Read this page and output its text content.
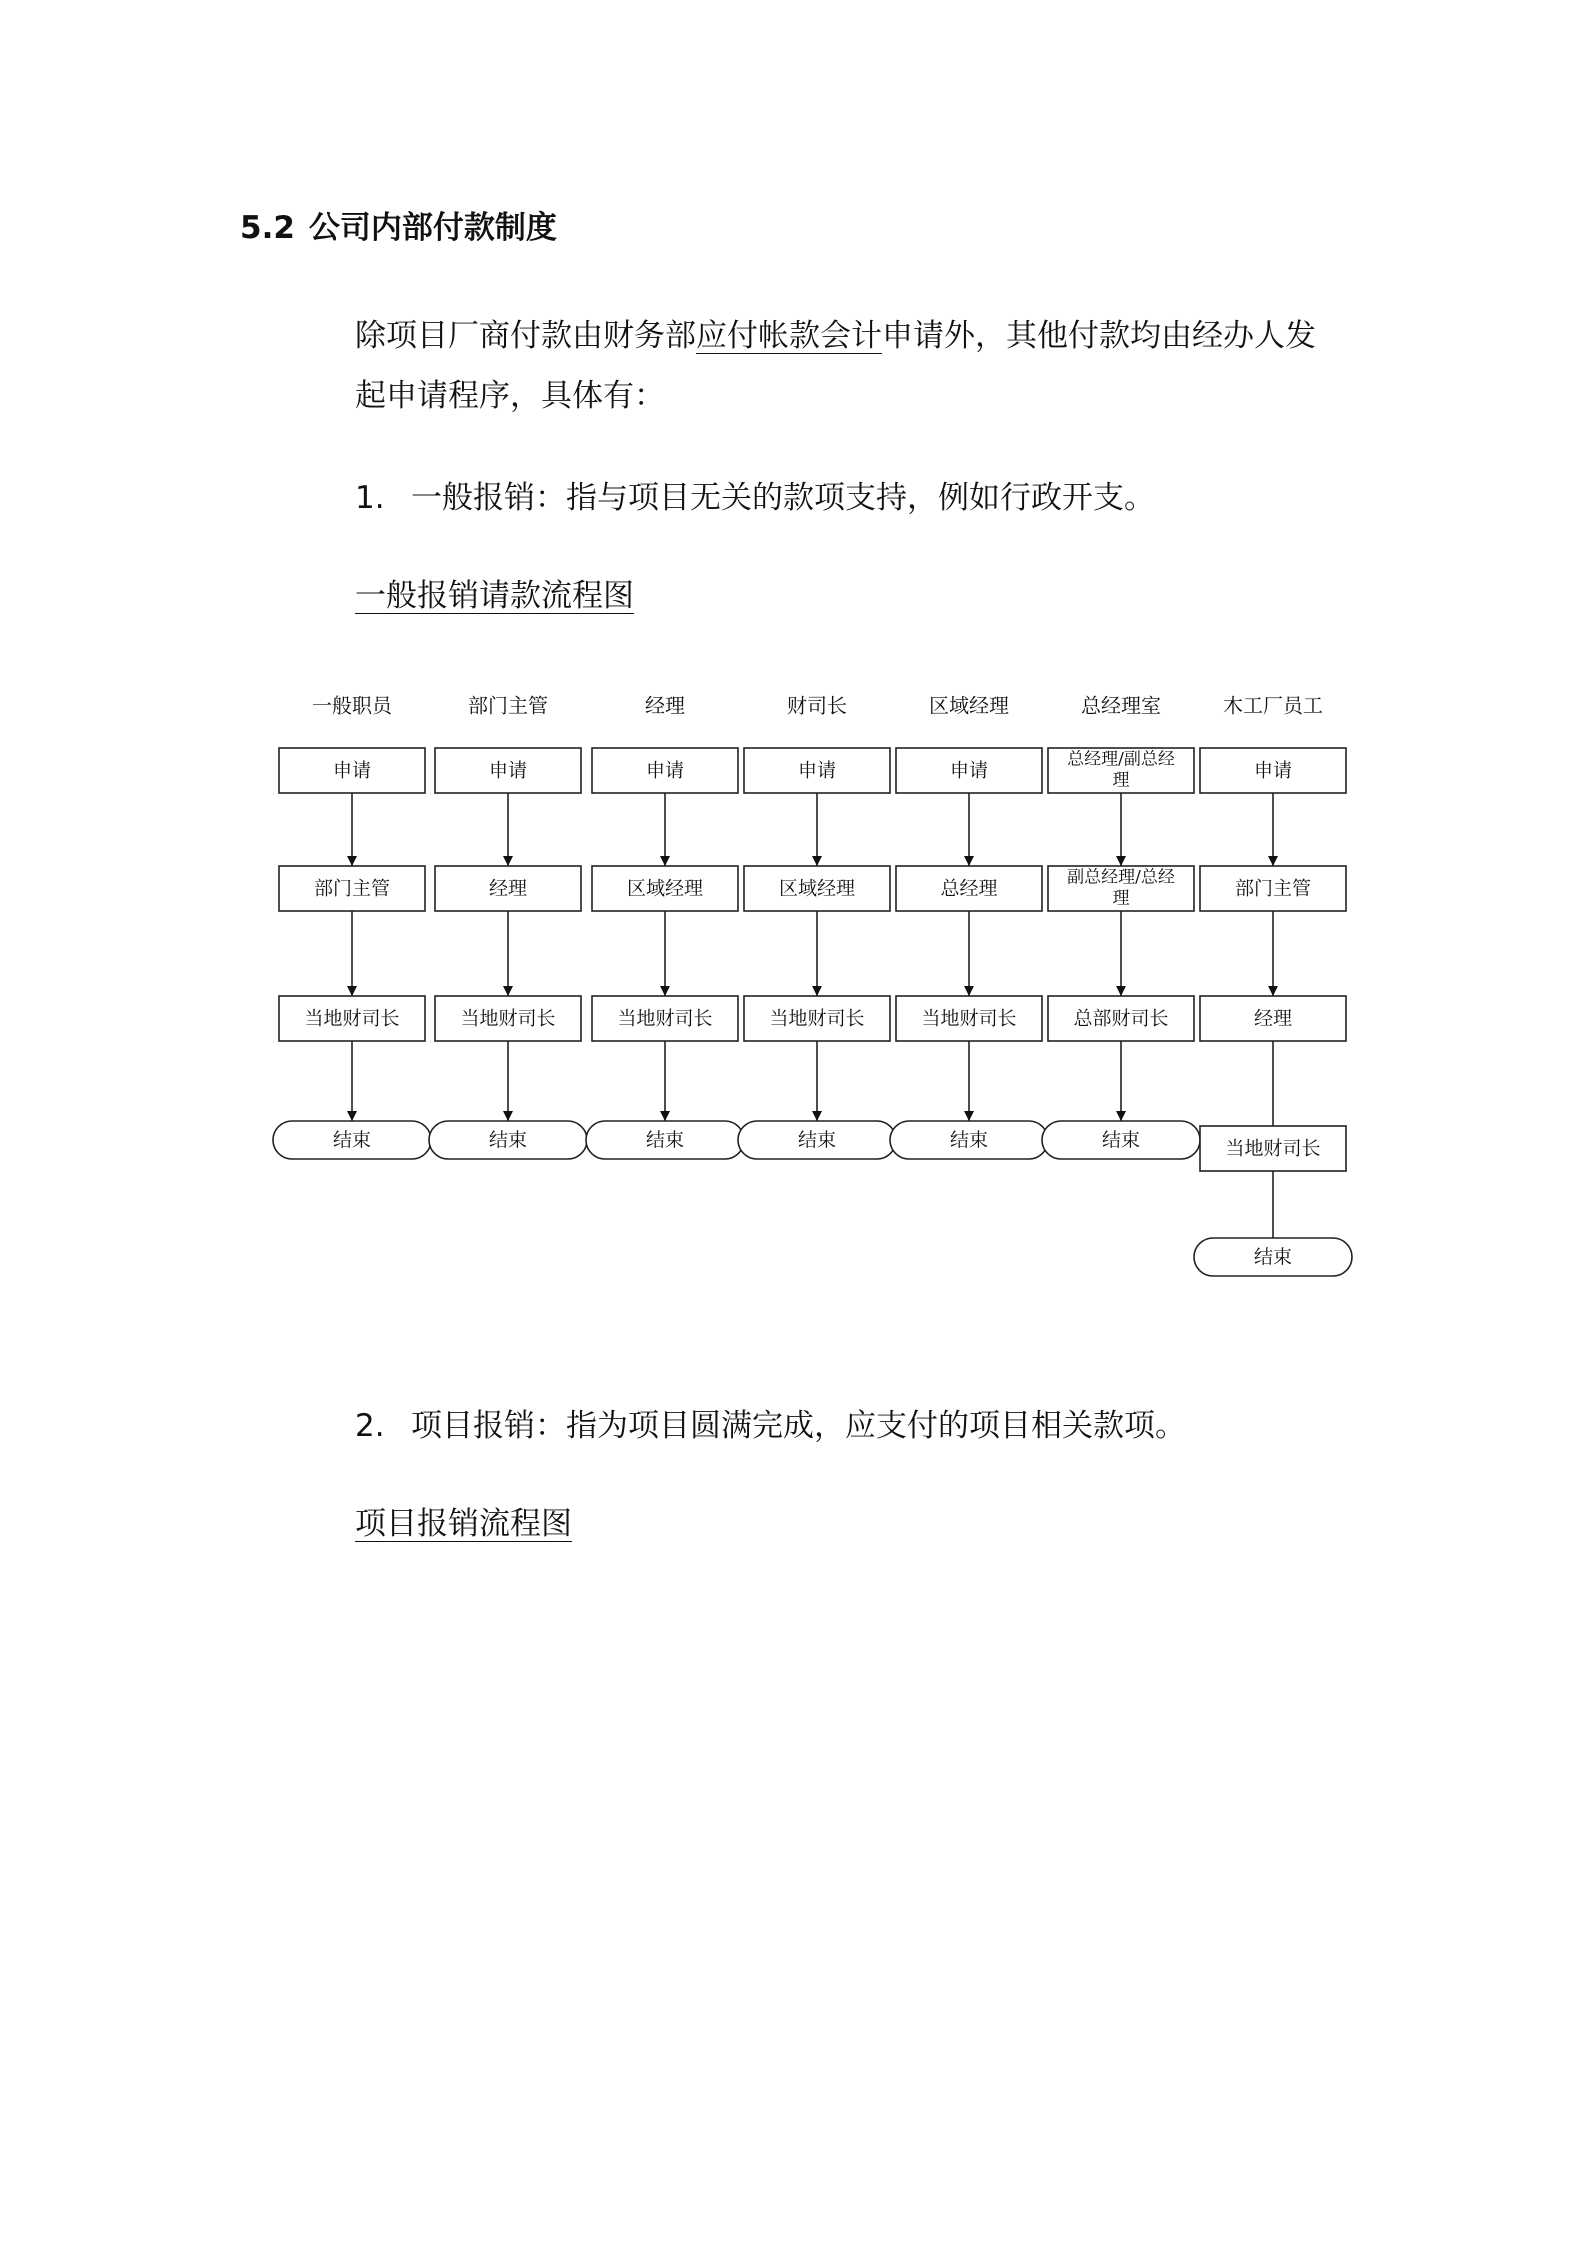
5.2 公司内部付款制度

除项目厂商付款由财务部应付帐款会计申请外，其他付款均由经办人发

起申请程序，具体有：

1. 一般报销：指与项目无关的款项支持，例如行政开支。

一般报销请款流程图

一般职员
申请
部门主管
当地财司长
结束
部门主管
申请
经理
当地财司长
结束
经理
申请
区域经理
当地财司长
结束
财司长
申请
区域经理
当地财司长
结束
区域经理
申请
总经理
当地财司长
结束
总经理室
总经理/副总经
理
副总经理/总经
理
总部财司长
结束
木工厂员工
申请
部门主管
经理
当地财司长
结束

2. 项目报销：指为项目圆满完成，应支付的项目相关款项。

项目报销流程图
